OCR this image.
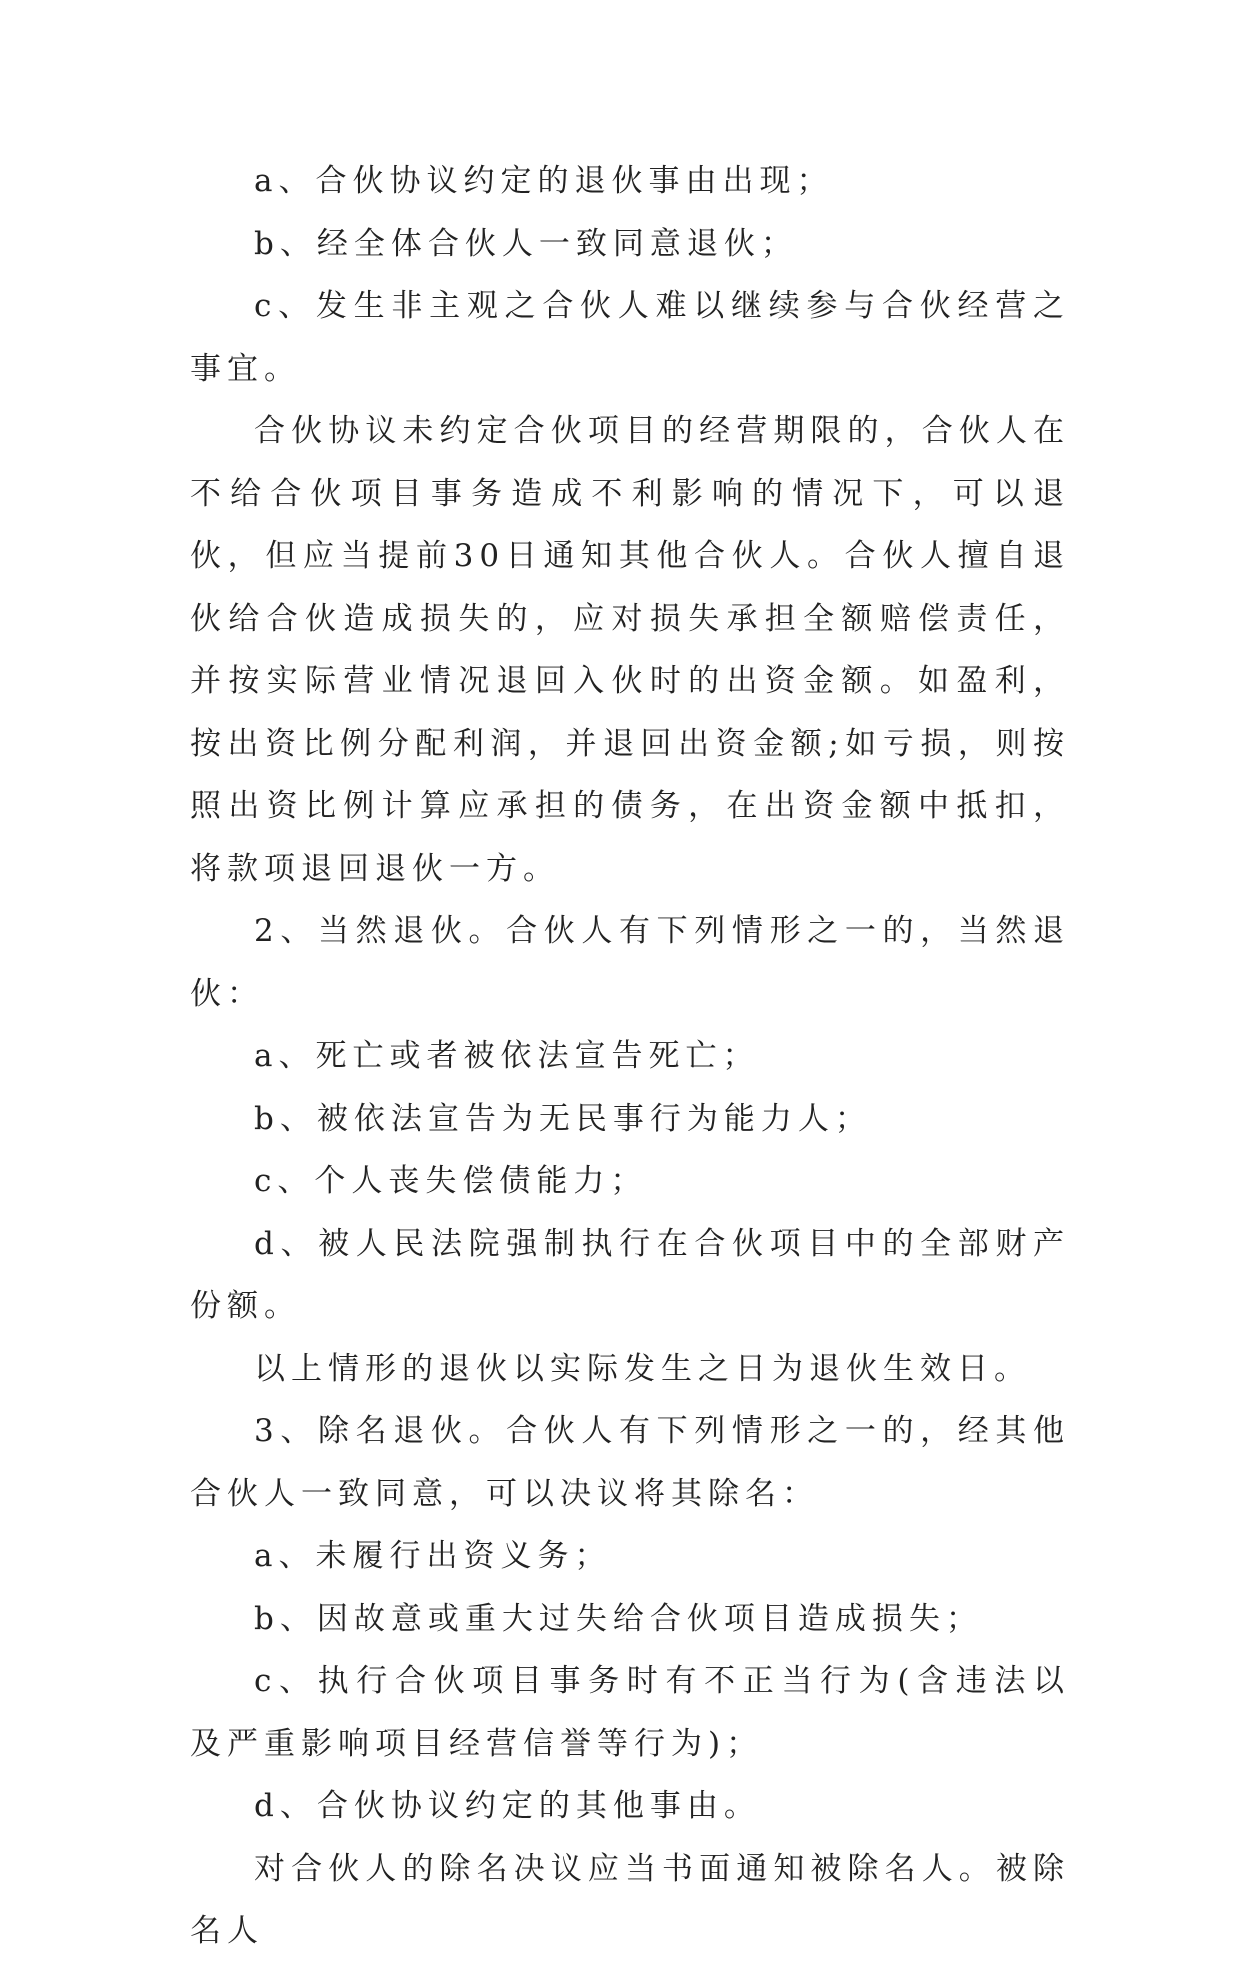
a、合伙协议约定的退伙事由出现；

b、经全体合伙人一致同意退伙；

c、发生非主观之合伙人难以继续参与合伙经营之事宜。

合伙协议未约定合伙项目的经营期限的，合伙人在不给合伙项目事务造成不利影响的情况下，可以退伙，但应当提前30日通知其他合伙人。合伙人擅自退伙给合伙造成损失的，应对损失承担全额赔偿责任，并按实际营业情况退回入伙时的出资金额。如盈利，按出资比例分配利润，并退回出资金额;如亏损，则按照出资比例计算应承担的债务，在出资金额中抵扣，将款项退回退伙一方。

2、当然退伙。合伙人有下列情形之一的，当然退伙：

a、死亡或者被依法宣告死亡；

b、被依法宣告为无民事行为能力人；

c、个人丧失偿债能力；

d、被人民法院强制执行在合伙项目中的全部财产份额。

以上情形的退伙以实际发生之日为退伙生效日。

3、除名退伙。合伙人有下列情形之一的，经其他合伙人一致同意，可以决议将其除名：

a、未履行出资义务；

b、因故意或重大过失给合伙项目造成损失；

c、执行合伙项目事务时有不正当行为(含违法以及严重影响项目经营信誉等行为)；

d、合伙协议约定的其他事由。

对合伙人的除名决议应当书面通知被除名人。被除名人
